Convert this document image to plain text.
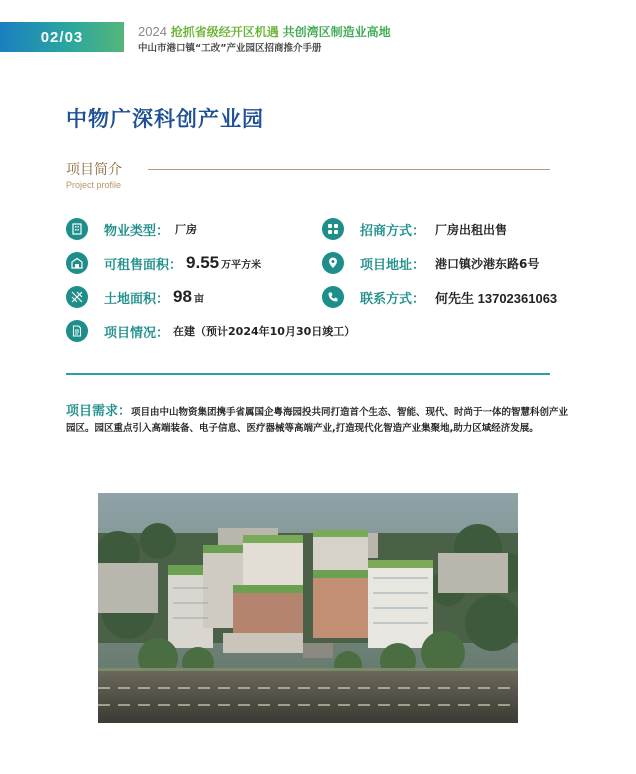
02/03	2024 抢抓省级经开区机遇 共创湾区制造业高地
中山市港口镇“工改”产业园区招商推介手册
中物广深科创产业园
项目简介
Project profile
物业类型： 厂房
可租售面积： 9.55 万平方米
土地面积： 98 亩
项目情况： 在建（预计2024年10月30日竣工）
招商方式： 厂房出租出售
项目地址： 港口镇沙港东路6号
联系方式： 何先生 13702361063
项目需求：项目由中山物资集团携手省属国企粤海园投共同打造首个生态、智能、现代、时尚于一体的智慧科创产业园区。园区重点引入高端装备、电子信息、医疗器械等高端产业,打造现代化智造产业集聚地,助力区域经济发展。
